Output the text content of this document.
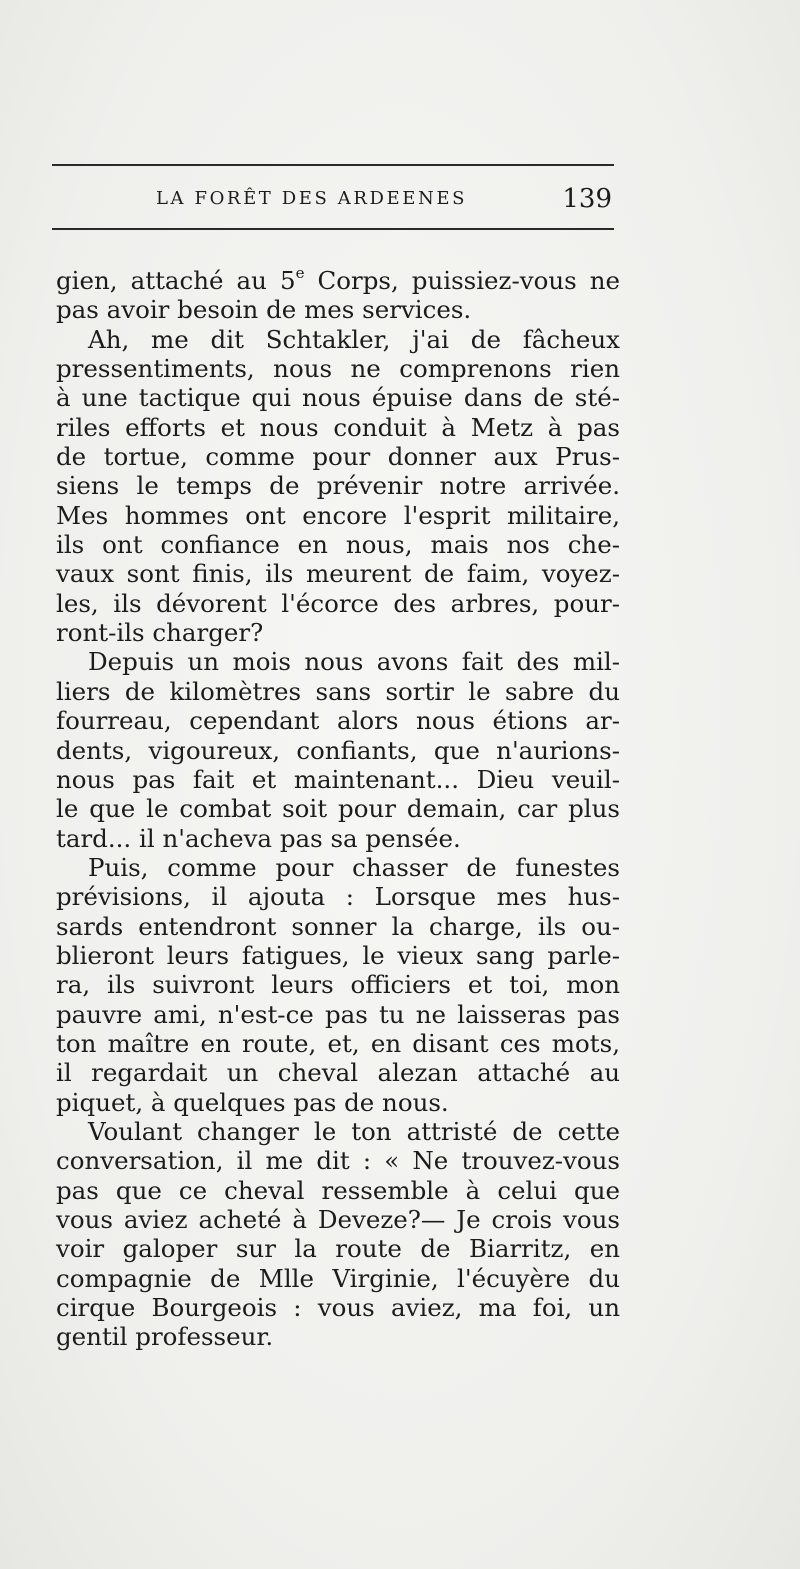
LA FORÊT DES ARDEENES	139
gien, attaché au 5e Corps, puissiez-vous ne
pas avoir besoin de mes services.
Ah, me dit Schtakler, j'ai de fâcheux
pressentiments, nous ne comprenons rien
à une tactique qui nous épuise dans de sté-
riles efforts et nous conduit à Metz à pas
de tortue, comme pour donner aux Prus-
siens le temps de prévenir notre arrivée.
Mes hommes ont encore l'esprit militaire,
ils ont confiance en nous, mais nos che-
vaux sont finis, ils meurent de faim, voyez-
les, ils dévorent l'écorce des arbres, pour-
ront-ils charger?
Depuis un mois nous avons fait des mil-
liers de kilomètres sans sortir le sabre du
fourreau, cependant alors nous étions ar-
dents, vigoureux, confiants, que n'aurions-
nous pas fait et maintenant... Dieu veuil-
le que le combat soit pour demain, car plus
tard... il n'acheva pas sa pensée.
Puis, comme pour chasser de funestes
prévisions, il ajouta : Lorsque mes hus-
sards entendront sonner la charge, ils ou-
blieront leurs fatigues, le vieux sang parle-
ra, ils suivront leurs officiers et toi, mon
pauvre ami, n'est-ce pas tu ne laisseras pas
ton maître en route, et, en disant ces mots,
il regardait un cheval alezan attaché au
piquet, à quelques pas de nous.
Voulant changer le ton attristé de cette
conversation, il me dit : « Ne trouvez-vous
pas que ce cheval ressemble à celui que
vous aviez acheté à Deveze?— Je crois vous
voir galoper sur la route de Biarritz, en
compagnie de Mlle Virginie, l'écuyère du
cirque Bourgeois : vous aviez, ma foi, un
gentil professeur.
